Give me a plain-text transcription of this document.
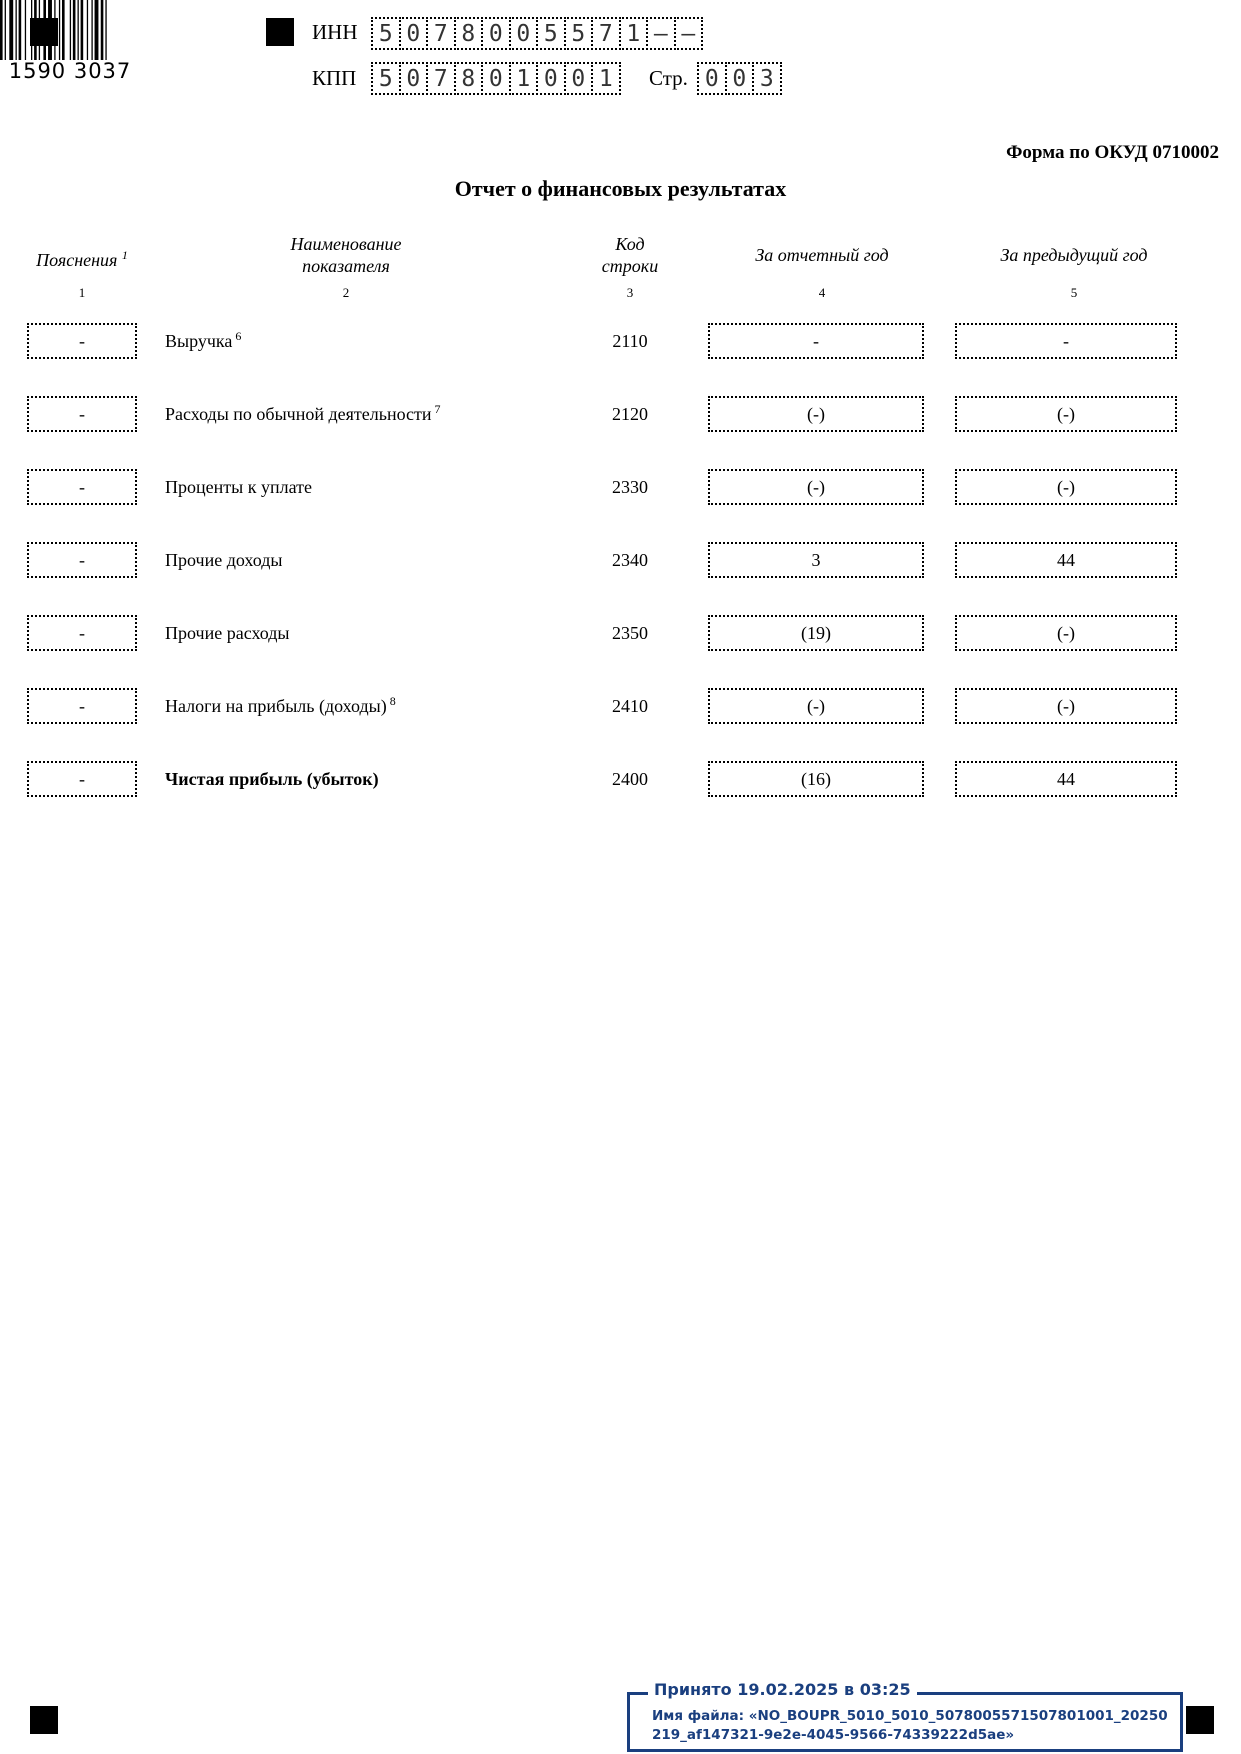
1590 3037
ИНН 5 0 7 8 0 0 5 5 7 1 – –
КПП 5 0 7 8 0 1 0 0 1	Стр. 0 0 3
Форма по ОКУД 0710002
Отчет о финансовых результатах
Пояснения $^1$
Наименование
показателя
Код
строки
За отчетный год	За предыдущий год
1	2	3	4	5
-	Выручка $^6$	2110	-	-
-	Расходы по обычной деятельности $^7$	2120	(-)	(-)
-	Проценты к уплате	2330	(-)	(-)
-	Прочие доходы	2340	3	44
-	Прочие расходы	2350	(19)	(-)
-	Налоги на прибыль (доходы) $^8$	2410	(-)	(-)
-	Чистая прибыль (убыток)	2400	(16)	44
Принято 19.02.2025 в 03:25
Имя файла: «NO_BOUPR_5010_5010_5078005571507801001_20250219_af147321-9e2e-4045-9566-74339222d5ae»
